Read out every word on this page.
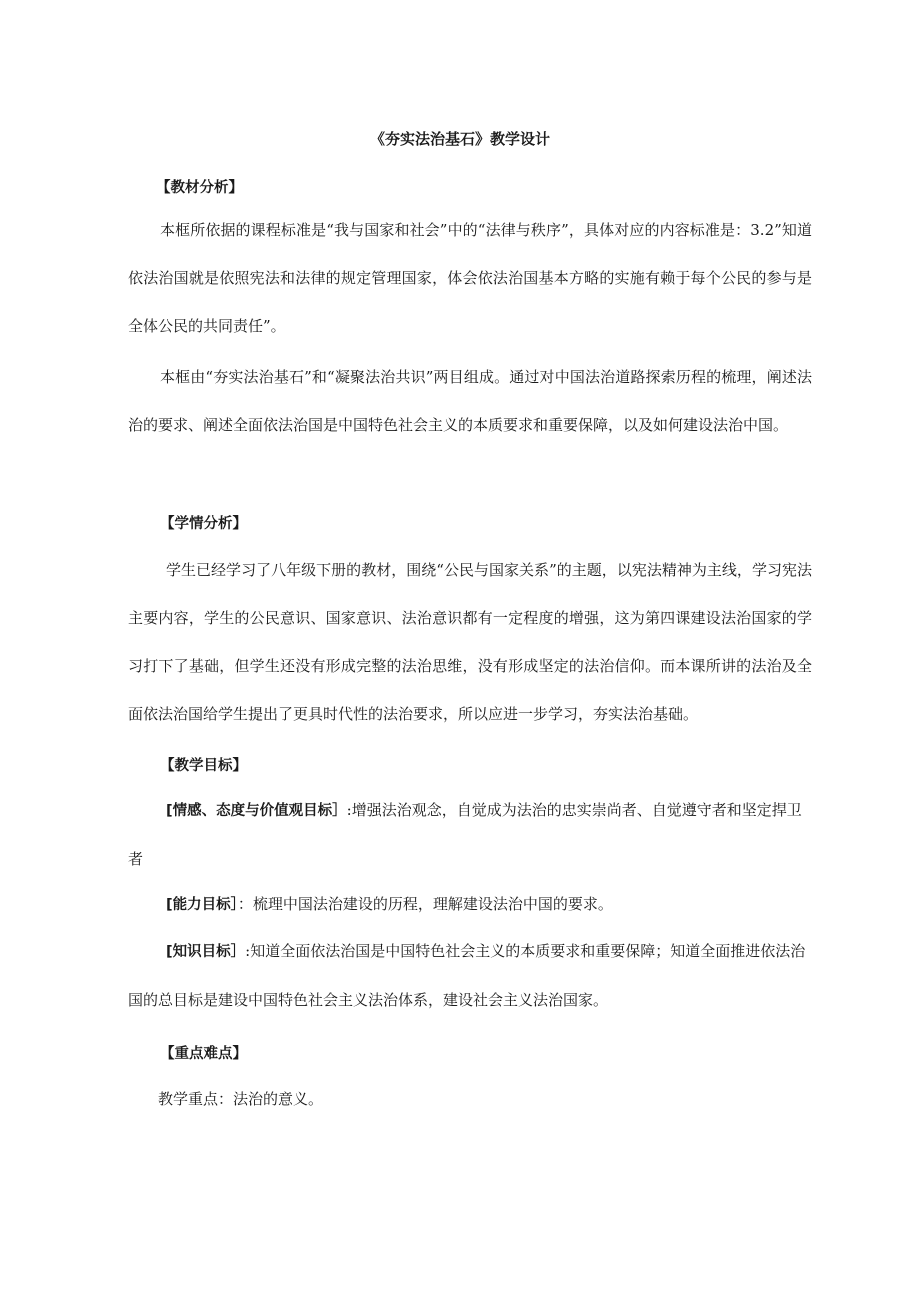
《夯实法治基石》教学设计
【教材分析】

本框所依据的课程标准是“我与国家和社会”中的“法律与秩序”，具体对应的内容标准是：3.2”知道依法治国就是依照宪法和法律的规定管理国家，体会依法治国基本方略的实施有赖于每个公民的参与是全体公民的共同责任”。

本框由“夯实法治基石”和“凝聚法治共识”两目组成。通过对中国法治道路探索历程的梳理，阐述法治的要求、阐述全面依法治国是中国特色社会主义的本质要求和重要保障，以及如何建设法治中国。

【学情分析】

学生已经学习了八年级下册的教材，围绕“公民与国家关系”的主题，以宪法精神为主线，学习宪法主要内容，学生的公民意识、国家意识、法治意识都有一定程度的增强，这为第四课建设法治国家的学习打下了基础，但学生还没有形成完整的法治思维，没有形成坚定的法治信仰。而本课所讲的法治及全面依法治国给学生提出了更具时代性的法治要求，所以应进一步学习，夯实法治基础。

【教学目标】

[情感、态度与价值观目标］:增强法治观念，自觉成为法治的忠实崇尚者、自觉遵守者和坚定捍卫者

[能力目标］：梳理中国法治建设的历程，理解建设法治中国的要求。

[知识目标］:知道全面依法治国是中国特色社会主义的本质要求和重要保障；知道全面推进依法治国的总目标是建设中国特色社会主义法治体系，建设社会主义法治国家。

【重点难点】

教学重点：法治的意义。
